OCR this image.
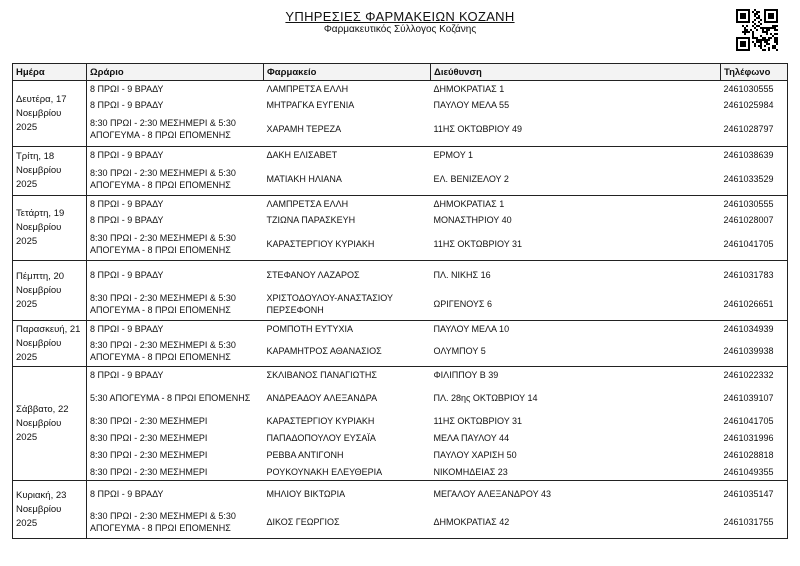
ΥΠΗΡΕΣΙΕΣ ΦΑΡΜΑΚΕΙΩΝ ΚΟΖΑΝΗ
Φαρμακευτικός Σύλλογος Κοζάνης
Ημέρα	Ωράριο	Φαρμακείο	Διεύθυνση	Τηλέφωνο
Δευτέρα, 17 Νοεμβρίου 2025	8 ΠΡΩΙ - 9 ΒΡΑΔΥ	ΛΑΜΠΡΕΤΣΑ ΕΛΛΗ	ΔΗΜΟΚΡΑΤΙΑΣ 1	2461030555
	8 ΠΡΩΙ - 9 ΒΡΑΔΥ	ΜΗΤΡΑΓΚΑ ΕΥΓΕΝΙΑ	ΠΑΥΛΟΥ ΜΕΛΑ 55	2461025984
	8:30 ΠΡΩΙ - 2:30 ΜΕΣΗΜΕΡΙ & 5:30 ΑΠΟΓΕΥΜΑ - 8 ΠΡΩΙ ΕΠΟΜΕΝΗΣ	ΧΑΡΑΜΗ ΤΕΡΕΖΑ	11ΗΣ ΟΚΤΩΒΡΙΟΥ 49	2461028797
Τρίτη, 18 Νοεμβρίου 2025	8 ΠΡΩΙ - 9 ΒΡΑΔΥ	ΔΑΚΗ ΕΛΙΣΑΒΕΤ	ΕΡΜΟΥ 1	2461038639
	8:30 ΠΡΩΙ - 2:30 ΜΕΣΗΜΕΡΙ & 5:30 ΑΠΟΓΕΥΜΑ - 8 ΠΡΩΙ ΕΠΟΜΕΝΗΣ	ΜΑΤΙΑΚΗ ΗΛΙΑΝΑ	ΕΛ. ΒΕΝΙΖΕΛΟΥ 2	2461033529
Τετάρτη, 19 Νοεμβρίου 2025	8 ΠΡΩΙ - 9 ΒΡΑΔΥ	ΛΑΜΠΡΕΤΣΑ ΕΛΛΗ	ΔΗΜΟΚΡΑΤΙΑΣ 1	2461030555
	8 ΠΡΩΙ - 9 ΒΡΑΔΥ	ΤΖΙΩΝΑ ΠΑΡΑΣΚΕΥΗ	ΜΟΝΑΣΤΗΡΙΟΥ 40	2461028007
	8:30 ΠΡΩΙ - 2:30 ΜΕΣΗΜΕΡΙ & 5:30 ΑΠΟΓΕΥΜΑ - 8 ΠΡΩΙ ΕΠΟΜΕΝΗΣ	ΚΑΡΑΣΤΕΡΓΙΟΥ ΚΥΡΙΑΚΗ	11ΗΣ ΟΚΤΩΒΡΙΟΥ 31	2461041705
Πέμπτη, 20 Νοεμβρίου 2025	8 ΠΡΩΙ - 9 ΒΡΑΔΥ	ΣΤΕΦΑΝΟΥ ΛΑΖΑΡΟΣ	ΠΛ. ΝΙΚΗΣ 16	2461031783
	8:30 ΠΡΩΙ - 2:30 ΜΕΣΗΜΕΡΙ & 5:30 ΑΠΟΓΕΥΜΑ - 8 ΠΡΩΙ ΕΠΟΜΕΝΗΣ	ΧΡΙΣΤΟΔΟΥΛΟΥ-ΑΝΑΣΤΑΣΙΟΥ ΠΕΡΣΕΦΟΝΗ	ΩΡΙΓΕΝΟΥΣ 6	2461026651
Παρασκευή, 21 Νοεμβρίου 2025	8 ΠΡΩΙ - 9 ΒΡΑΔΥ	ΡΟΜΠΟΤΗ ΕΥΤΥΧΙΑ	ΠΑΥΛΟΥ ΜΕΛΑ 10	2461034939
	8:30 ΠΡΩΙ - 2:30 ΜΕΣΗΜΕΡΙ & 5:30 ΑΠΟΓΕΥΜΑ - 8 ΠΡΩΙ ΕΠΟΜΕΝΗΣ	ΚΑΡΑΜΗΤΡΟΣ ΑΘΑΝΑΣΙΟΣ	ΟΛΥΜΠΟΥ 5	2461039938
Σάββατο, 22 Νοεμβρίου 2025	8 ΠΡΩΙ - 9 ΒΡΑΔΥ	ΣΚΛΙΒΑΝΟΣ ΠΑΝΑΓΙΩΤΗΣ	ΦΙΛΙΠΠΟΥ Β 39	2461022332
	5:30 ΑΠΟΓΕΥΜΑ - 8 ΠΡΩΙ ΕΠΟΜΕΝΗΣ	ΑΝΔΡΕΑΔΟΥ ΑΛΕΞΑΝΔΡΑ	ΠΛ. 28ης ΟΚΤΩΒΡΙΟΥ 14	2461039107
	8:30 ΠΡΩΙ - 2:30 ΜΕΣΗΜΕΡΙ	ΚΑΡΑΣΤΕΡΓΙΟΥ ΚΥΡΙΑΚΗ	11ΗΣ ΟΚΤΩΒΡΙΟΥ 31	2461041705
	8:30 ΠΡΩΙ - 2:30 ΜΕΣΗΜΕΡΙ	ΠΑΠΑΔΟΠΟΥΛΟΥ ΕΥΣΑΪΑ	ΜΕΛΑ ΠΑΥΛΟΥ 44	2461031996
	8:30 ΠΡΩΙ - 2:30 ΜΕΣΗΜΕΡΙ	ΡΕΒΒΑ ΑΝΤΙΓΟΝΗ	ΠΑΥΛΟΥ ΧΑΡΙΣΗ 50	2461028818
	8:30 ΠΡΩΙ - 2:30 ΜΕΣΗΜΕΡΙ	ΡΟΥΚΟΥΝΑΚΗ ΕΛΕΥΘΕΡΙΑ	ΝΙΚΟΜΗΔΕΙΑΣ 23	2461049355
Κυριακή, 23 Νοεμβρίου 2025	8 ΠΡΩΙ - 9 ΒΡΑΔΥ	ΜΗΛΙΟΥ ΒΙΚΤΩΡΙΑ	ΜΕΓΑΛΟΥ ΑΛΕΞΑΝΔΡΟΥ 43	2461035147
	8:30 ΠΡΩΙ - 2:30 ΜΕΣΗΜΕΡΙ & 5:30 ΑΠΟΓΕΥΜΑ - 8 ΠΡΩΙ ΕΠΟΜΕΝΗΣ	ΔΙΚΟΣ ΓΕΩΡΓΙΟΣ	ΔΗΜΟΚΡΑΤΙΑΣ 42	2461031755
